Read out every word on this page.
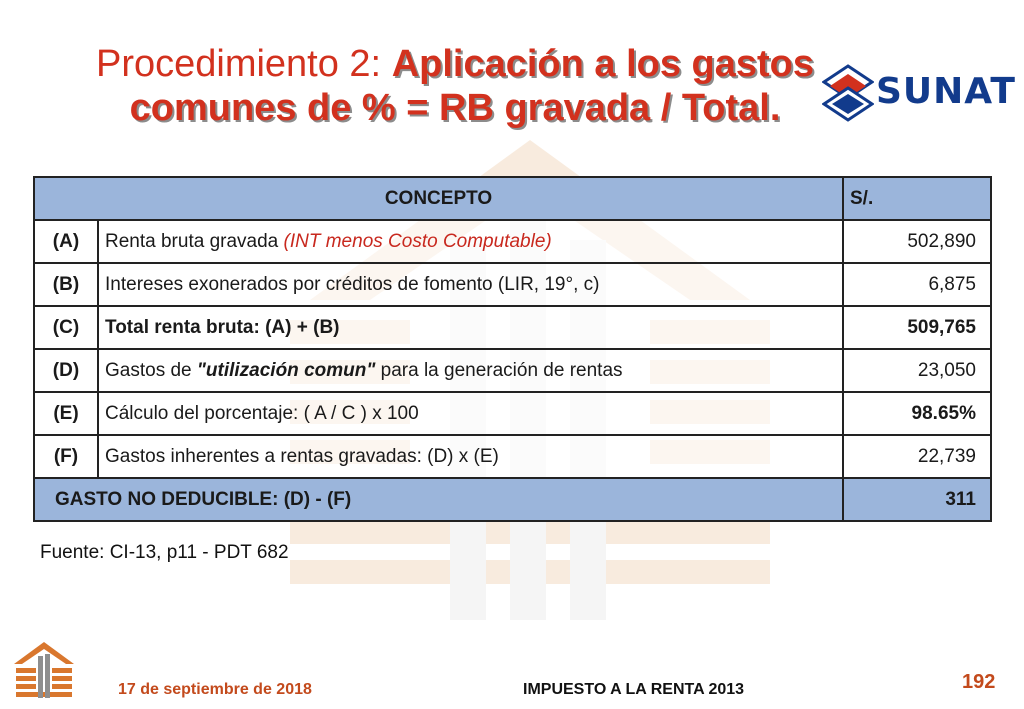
Procedimiento 2: Aplicación a los gastos
comunes de % = RB gravada / Total.	SUNAT
CONCEPTO		S/.
(A)	Renta bruta gravada (INT menos Costo Computable)	502,890
(B)	Intereses exonerados por créditos de fomento (LIR, 19°, c)	6,875
(C)	Total renta bruta: (A) + (B)	509,765
(D)	Gastos de "utilización comun" para la generación de rentas	23,050
(E)	Cálculo del porcentaje: ( A / C ) x 100	98.65%
(F)	Gastos inherentes a rentas gravadas: (D) x (E)	22,739
GASTO NO DEDUCIBLE: (D) - (F)		311
Fuente: CI-13, p11 - PDT 682
17 de septiembre de 2018	IMPUESTO A LA RENTA 2013	192
